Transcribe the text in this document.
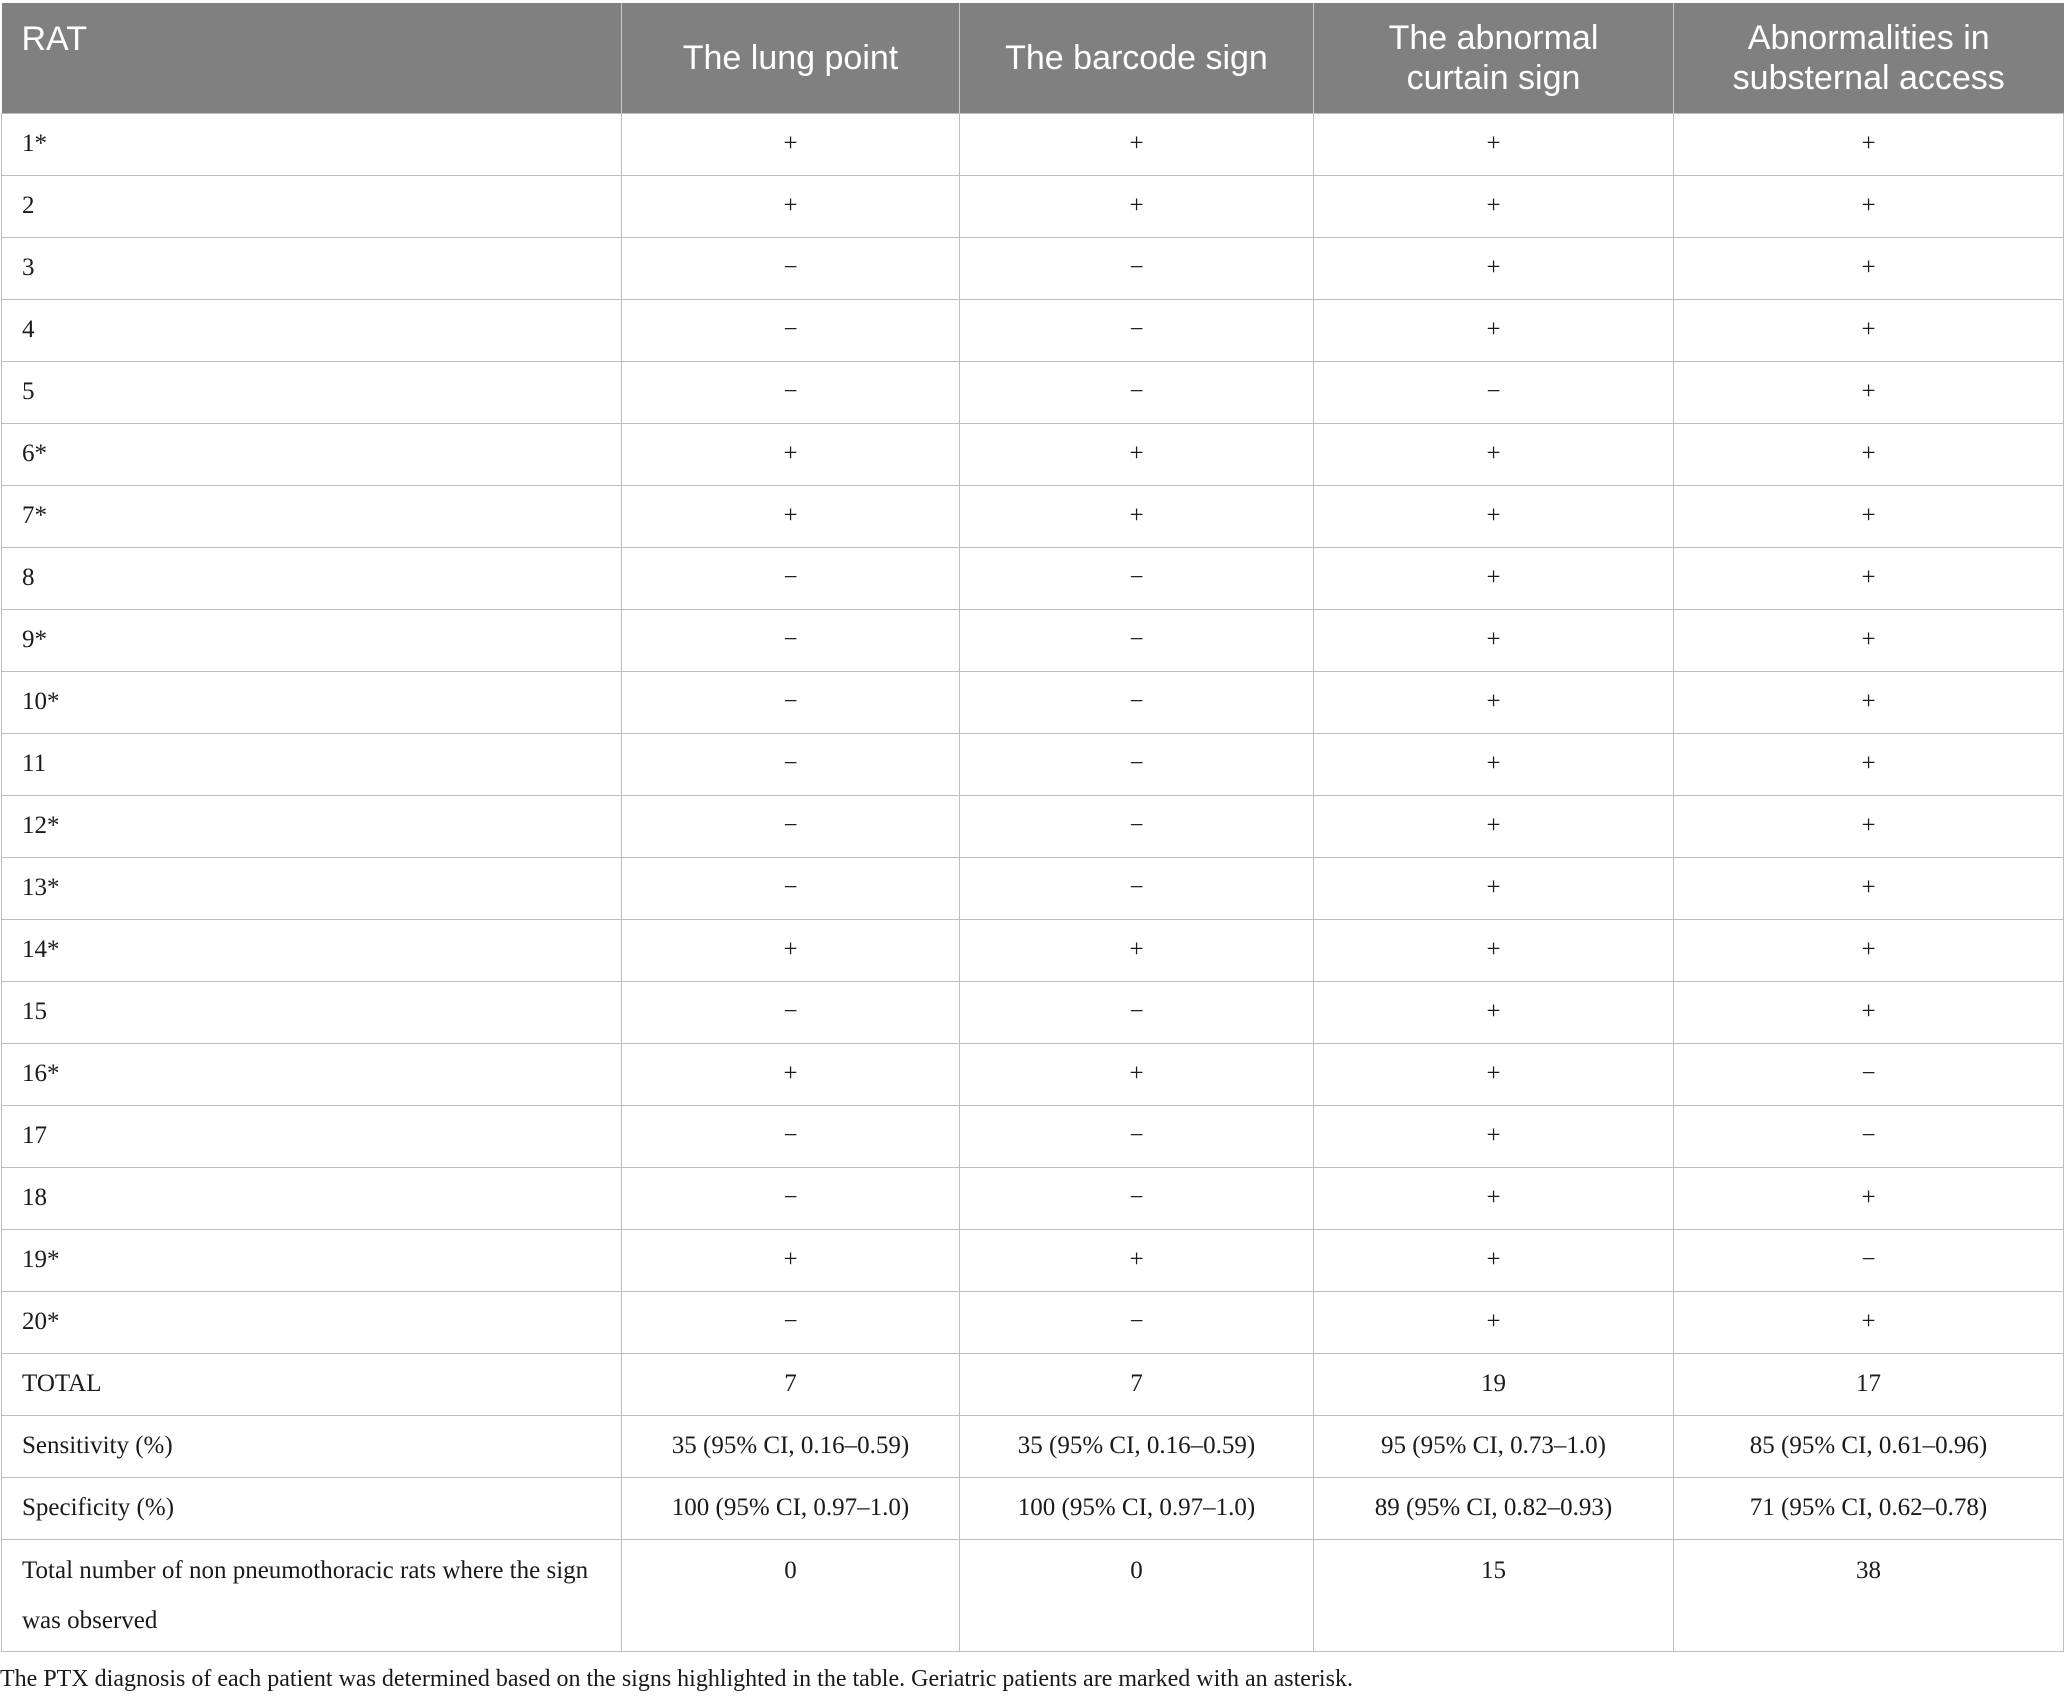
RAT	The lung point	The barcode sign	The abnormal curtain sign	Abnormalities in substernal access
1*	+	+	+	+
2	+	+	+	+
3	−	−	+	+
4	−	−	+	+
5	−	−	−	+
6*	+	+	+	+
7*	+	+	+	+
8	−	−	+	+
9*	−	−	+	+
10*	−	−	+	+
11	−	−	+	+
12*	−	−	+	+
13*	−	−	+	+
14*	+	+	+	+
15	−	−	+	+
16*	+	+	+	−
17	−	−	+	−
18	−	−	+	+
19*	+	+	+	−
20*	−	−	+	+
TOTAL	7	7	19	17
Sensitivity (%)	35 (95% CI, 0.16–0.59)	35 (95% CI, 0.16–0.59)	95 (95% CI, 0.73–1.0)	85 (95% CI, 0.61–0.96)
Specificity (%)	100 (95% CI, 0.97–1.0)	100 (95% CI, 0.97–1.0)	89 (95% CI, 0.82–0.93)	71 (95% CI, 0.62–0.78)
Total number of non pneumothoracic rats where the sign was observed	0	0	15	38
The PTX diagnosis of each patient was determined based on the signs highlighted in the table. Geriatric patients are marked with an asterisk.
